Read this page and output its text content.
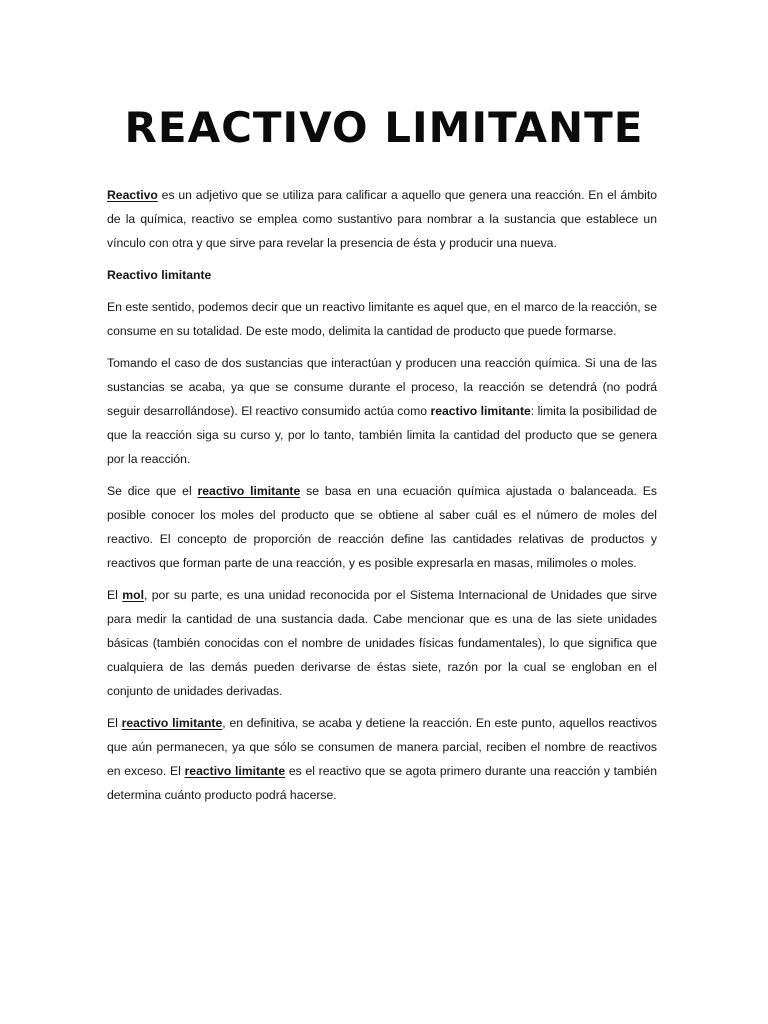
REACTIVO LIMITANTE

Reactivo es un adjetivo que se utiliza para calificar a aquello que genera una reacción. En el ámbito de la química, reactivo se emplea como sustantivo para nombrar a la sustancia que establece un vínculo con otra y que sirve para revelar la presencia de ésta y producir una nueva.

Reactivo limitante

En este sentido, podemos decir que un reactivo limitante es aquel que, en el marco de la reacción, se consume en su totalidad. De este modo, delimita la cantidad de producto que puede formarse.

Tomando el caso de dos sustancias que interactúan y producen una reacción química. Si una de las sustancias se acaba, ya que se consume durante el proceso, la reacción se detendrá (no podrá seguir desarrollándose). El reactivo consumido actúa como reactivo limitante: limita la posibilidad de que la reacción siga su curso y, por lo tanto, también limita la cantidad del producto que se genera por la reacción.

Se dice que el reactivo limitante se basa en una ecuación química ajustada o balanceada. Es posible conocer los moles del producto que se obtiene al saber cuál es el número de moles del reactivo. El concepto de proporción de reacción define las cantidades relativas de productos y reactivos que forman parte de una reacción, y es posible expresarla en masas, milimoles o moles.

El mol, por su parte, es una unidad reconocida por el Sistema Internacional de Unidades que sirve para medir la cantidad de una sustancia dada. Cabe mencionar que es una de las siete unidades básicas (también conocidas con el nombre de unidades físicas fundamentales), lo que significa que cualquiera de las demás pueden derivarse de éstas siete, razón por la cual se engloban en el conjunto de unidades derivadas.

El reactivo limitante, en definitiva, se acaba y detiene la reacción. En este punto, aquellos reactivos que aún permanecen, ya que sólo se consumen de manera parcial, reciben el nombre de reactivos en exceso. El reactivo limitante es el reactivo que se agota primero durante una reacción y también determina cuánto producto podrá hacerse.
